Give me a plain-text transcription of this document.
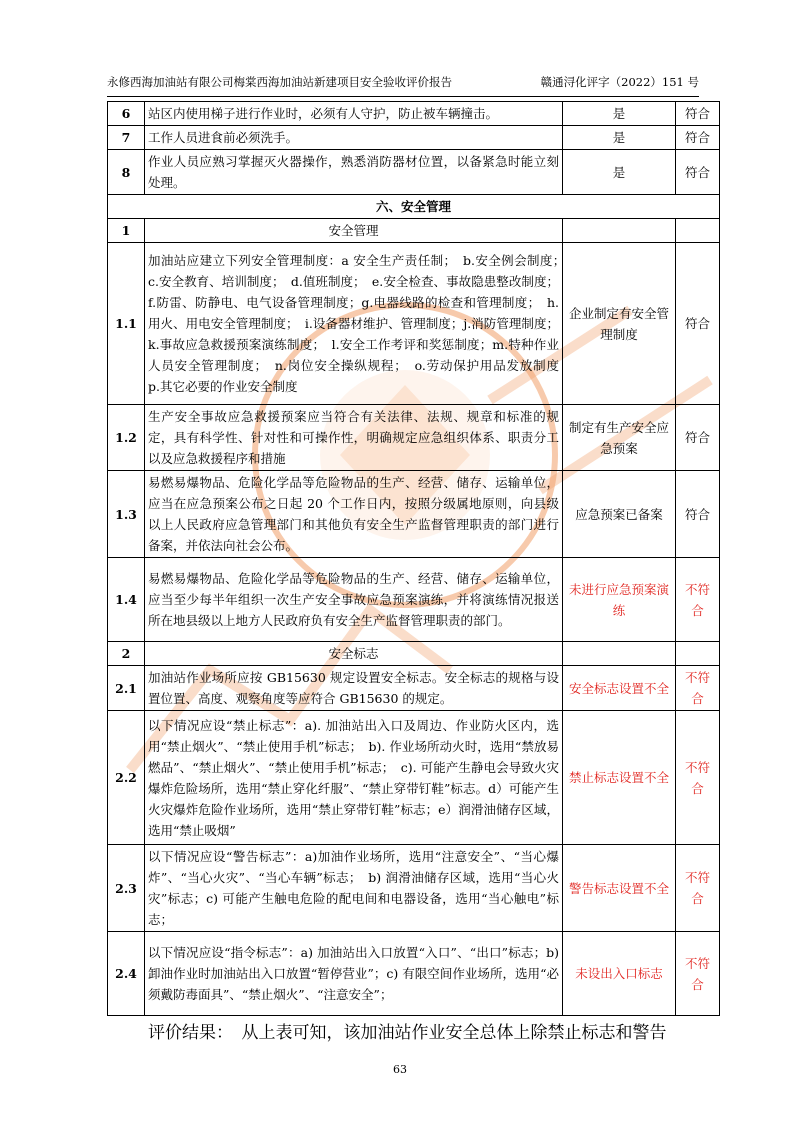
永修西海加油站有限公司梅棠西海加油站新建项目安全验收评价报告	赣通浔化评字（2022）151 号
6	站区内使用梯子进行作业时，必须有人守护，防止被车辆撞击。	是	符合
7	工作人员进食前必须洗手。	是	符合
8	作业人员应熟习掌握灭火器操作，熟悉消防器材位置，以备紧急时能立刻处理。	是	符合
六、安全管理			
1	安全管理		
1.1	加油站应建立下列安全管理制度：a 安全生产责任制；　b.安全例会制度；　c.安全教育、培训制度；　d.值班制度；　e.安全检查、事故隐患整改制度；f.防雷、防静电、电气设备管理制度；g.电器线路的检查和管理制度；　h.用火、用电安全管理制度；　i.设备器材维护、管理制度；j.消防管理制度；k.事故应急救援预案演练制度；　l.安全工作考评和奖惩制度；m.特种作业人员安全管理制度；　n.岗位安全操纵规程；　o.劳动保护用品发放制度　　p.其它必要的作业安全制度	企业制定有安全管理制度	符合
1.2	生产安全事故应急救援预案应当符合有关法律、法规、规章和标准的规定，具有科学性、针对性和可操作性，明确规定应急组织体系、职责分工以及应急救援程序和措施	制定有生产安全应急预案	符合
1.3	易燃易爆物品、危险化学品等危险物品的生产、经营、储存、运输单位，应当在应急预案公布之日起 20 个工作日内，按照分级属地原则，向县级以上人民政府应急管理部门和其他负有安全生产监督管理职责的部门进行备案，并依法向社会公布。	应急预案已备案	符合
1.4	易燃易爆物品、危险化学品等危险物品的生产、经营、储存、运输单位，应当至少每半年组织一次生产安全事故应急预案演练，并将演练情况报送所在地县级以上地方人民政府负有安全生产监督管理职责的部门。	未进行应急预案演练	不符合
2	安全标志		
2.1	加油站作业场所应按 GB15630 规定设置安全标志。安全标志的规格与设置位置、高度、观察角度等应符合 GB15630 的规定。	安全标志设置不全	不符合
2.2	以下情况应设“禁止标志”：a). 加油站出入口及周边、作业防火区内，选用“禁止烟火”、“禁止使用手机”标志；　b). 作业场所动火时，选用“禁放易燃品”、“禁止烟火”、“禁止使用手机”标志；　c). 可能产生静电会导致火灾爆炸危险场所，选用“禁止穿化纤服”、“禁止穿带钉鞋”标志。d）可能产生火灾爆炸危险作业场所，选用“禁止穿带钉鞋”标志；e）润滑油储存区域，选用“禁止吸烟”	禁止标志设置不全	不符合
2.3	以下情况应设“警告标志”：a)加油作业场所，选用“注意安全”、“当心爆炸”、“当心火灾”、“当心车辆”标志；　b) 润滑油储存区域，选用“当心火灾”标志；c) 可能产生触电危险的配电间和电器设备，选用“当心触电”标志；	警告标志设置不全	不符合
2.4	以下情况应设“指令标志”：a) 加油站出入口放置“入口”、“出口”标志；b) 卸油作业时加油站出入口放置“暂停营业”；c) 有限空间作业场所，选用“必须戴防毒面具”、“禁止烟火”、“注意安全”；	未设出入口标志	不符合
评价结果：　从上表可知，该加油站作业安全总体上除禁止标志和警告
63
